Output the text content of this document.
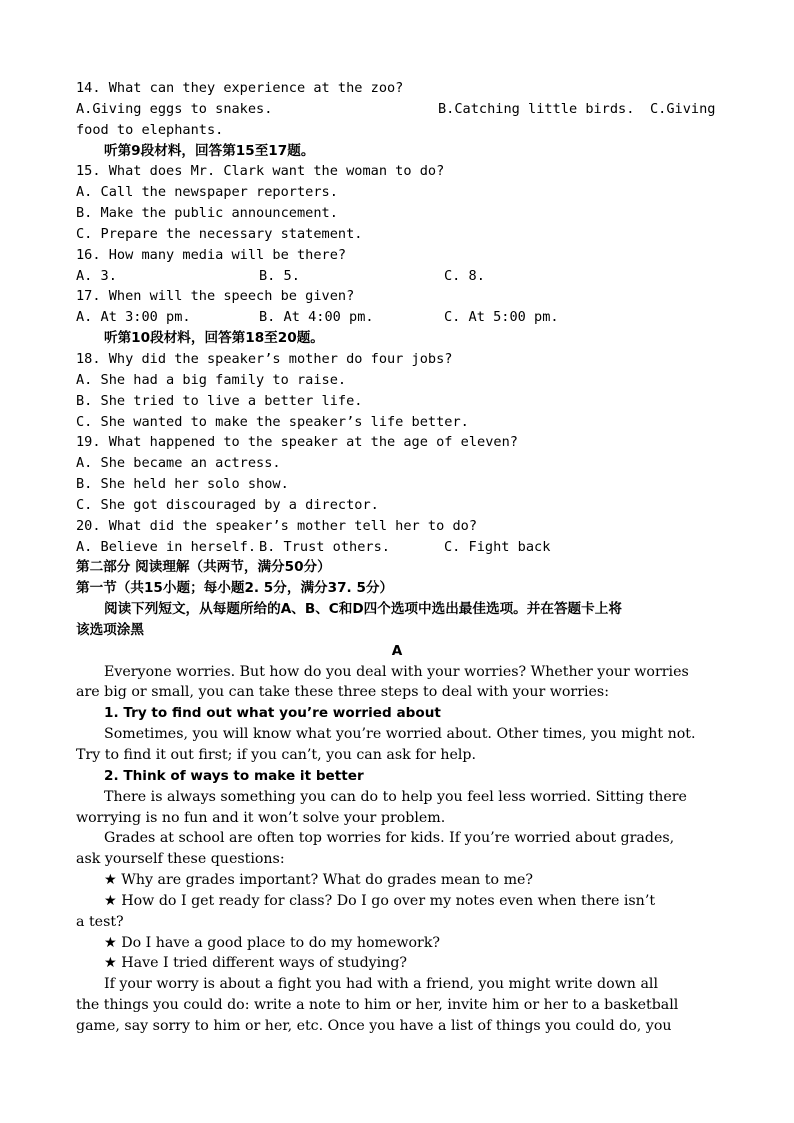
14. What can they experience at the zoo?
A.Giving eggs to snakes.	B.Catching little birds.	C.Giving
food to elephants.
听第9段材料，回答第15至17题。
15. What does Mr. Clark want the woman to do?
A. Call the newspaper reporters.
B. Make the public announcement.
C. Prepare the necessary statement.
16. How many media will be there?
A. 3.	B. 5.	C. 8.
17. When will the speech be given?
A. At 3:00 pm.	B. At 4:00 pm.	C. At 5:00 pm.
听第10段材料，回答第18至20题。
18. Why did the speaker’s mother do four jobs?
A. She had a big family to raise.
B. She tried to live a better life.
C. She wanted to make the speaker’s life better.
19. What happened to the speaker at the age of eleven?
A. She became an actress.
B. She held her solo show.
C. She got discouraged by a director.
20. What did the speaker’s mother tell her to do?
A. Believe in herself. B. Trust others.	C. Fight back
第二部分 阅读理解（共两节，满分50分）
第一节（共15小题；每小题2. 5分，满分37. 5分）
阅读下列短文，从每题所给的A、B、C和D四个选项中选出最佳选项。并在答题卡上将
该选项涂黑
A
Everyone worries. But how do you deal with your worries? Whether your worries
are big or small, you can take these three steps to deal with your worries:
1. Try to find out what you’re worried about
Sometimes, you will know what you’re worried about. Other times, you might not.
Try to find it out first; if you can’t, you can ask for help.
2. Think of ways to make it better
There is always something you can do to help you feel less worried. Sitting there
worrying is no fun and it won’t solve your problem.
Grades at school are often top worries for kids. If you’re worried about grades,
ask yourself these questions:
★ Why are grades important? What do grades mean to me?
★ How do I get ready for class? Do I go over my notes even when there isn’t
a test?
★ Do I have a good place to do my homework?
★ Have I tried different ways of studying?
If your worry is about a fight you had with a friend, you might write down all
the things you could do: write a note to him or her, invite him or her to a basketball
game, say sorry to him or her, etc. Once you have a list of things you could do, you
